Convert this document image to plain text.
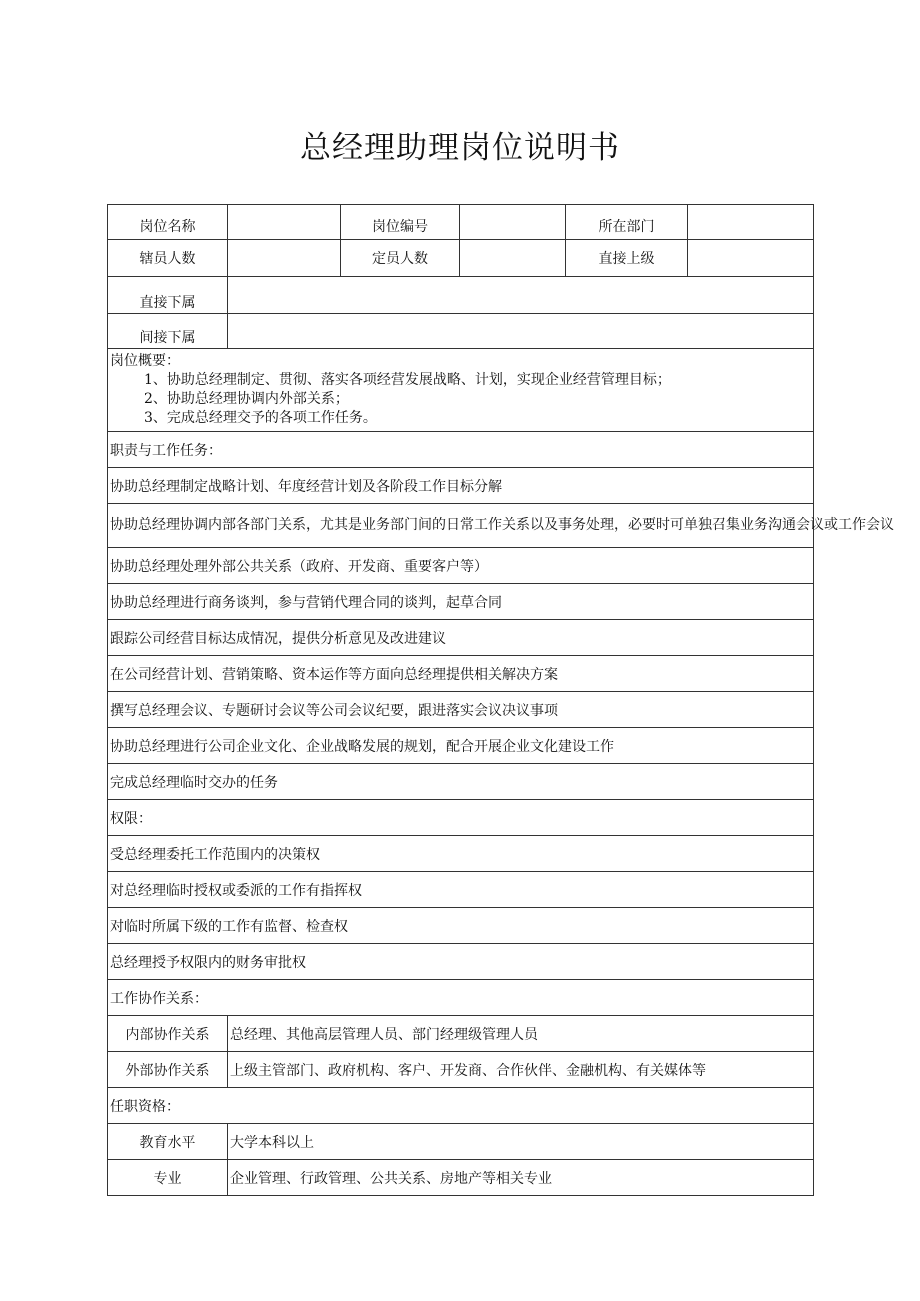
总经理助理岗位说明书
岗位名称		岗位编号		所在部门	
辖员人数		定员人数		直接上级	
直接下属					
间接下属					

岗位概要：
1、协助总经理制定、贯彻、落实各项经营发展战略、计划，实现企业经营管理目标；
2、协助总经理协调内外部关系；
3、完成总经理交予的各项工作任务。					

职责与工作任务：					
协助总经理制定战略计划、年度经营计划及各阶段工作目标分解					
协助总经理协调内部各部门关系，尤其是业务部门间的日常工作关系以及事务处理，必要时可单独召集业务沟通会议或工作会议					
协助总经理处理外部公共关系（政府、开发商、重要客户等）					
协助总经理进行商务谈判，参与营销代理合同的谈判，起草合同					
跟踪公司经营目标达成情况，提供分析意见及改进建议					
在公司经营计划、营销策略、资本运作等方面向总经理提供相关解决方案					
撰写总经理会议、专题研讨会议等公司会议纪要，跟进落实会议决议事项					
协助总经理进行公司企业文化、企业战略发展的规划，配合开展企业文化建设工作					
完成总经理临时交办的任务					
权限：					
受总经理委托工作范围内的决策权					
对总经理临时授权或委派的工作有指挥权					
对临时所属下级的工作有监督、检查权					
总经理授予权限内的财务审批权					
工作协作关系：					
内部协作关系	总经理、其他高层管理人员、部门经理级管理人员				
外部协作关系	上级主管部门、政府机构、客户、开发商、合作伙伴、金融机构、有关媒体等				
任职资格：					
教育水平	大学本科以上				
专业	企业管理、行政管理、公共关系、房地产等相关专业				
